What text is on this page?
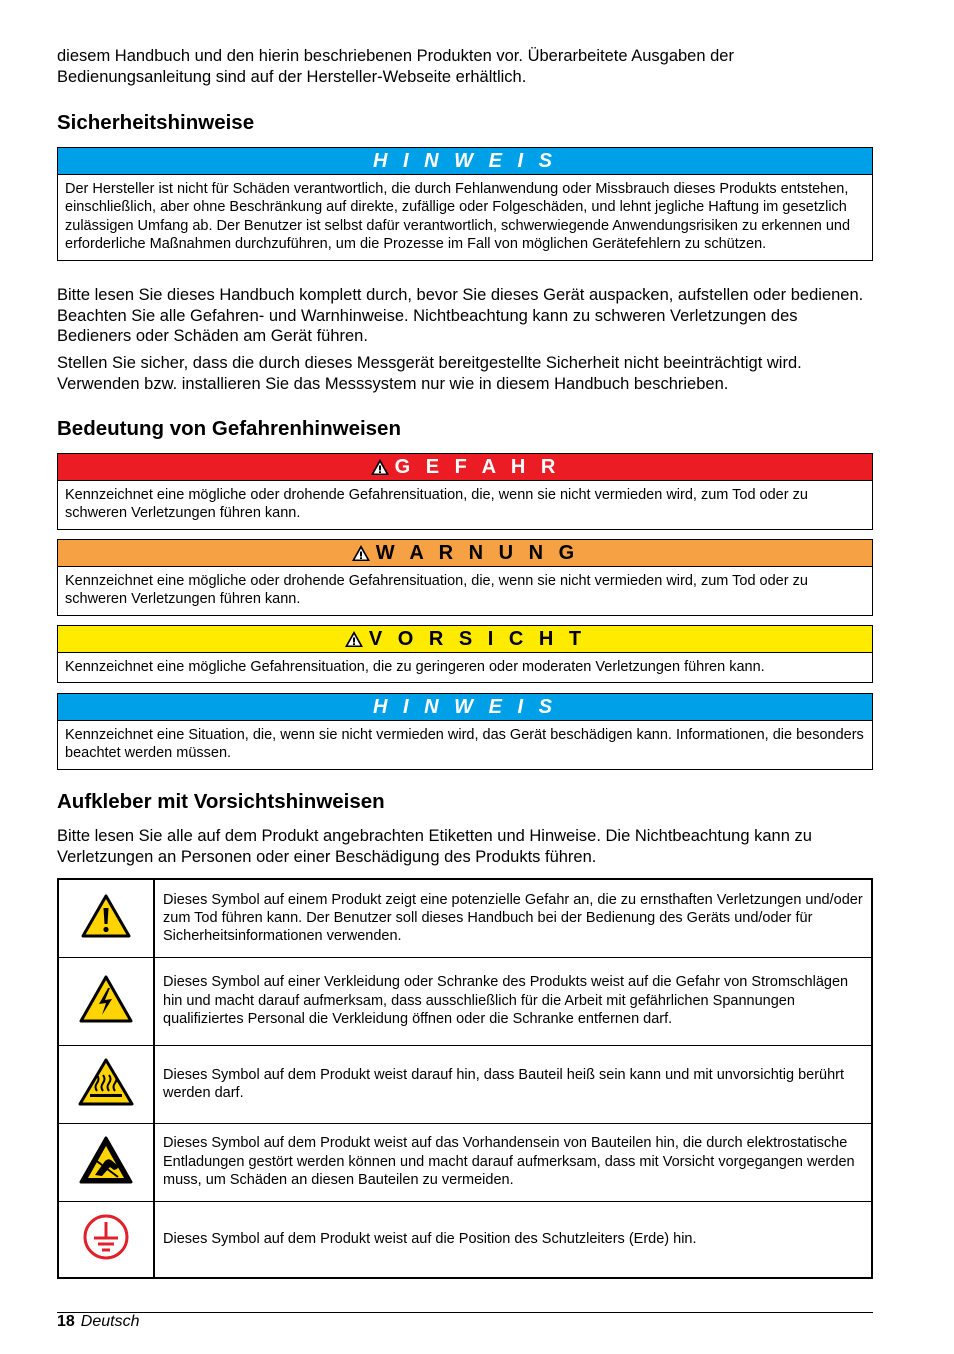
diesem Handbuch und den hierin beschriebenen Produkten vor. Überarbeitete Ausgaben der Bedienungsanleitung sind auf der Hersteller-Webseite erhältlich.

Sicherheitshinweise
H I N W E I S
Der Hersteller ist nicht für Schäden verantwortlich, die durch Fehlanwendung oder Missbrauch dieses Produkts entstehen, einschließlich, aber ohne Beschränkung auf direkte, zufällige oder Folgeschäden, und lehnt jegliche Haftung im gesetzlich zulässigen Umfang ab. Der Benutzer ist selbst dafür verantwortlich, schwerwiegende Anwendungsrisiken zu erkennen und erforderliche Maßnahmen durchzuführen, um die Prozesse im Fall von möglichen Gerätefehlern zu schützen.

Bitte lesen Sie dieses Handbuch komplett durch, bevor Sie dieses Gerät auspacken, aufstellen oder bedienen. Beachten Sie alle Gefahren- und Warnhinweise. Nichtbeachtung kann zu schweren Verletzungen des Bedieners oder Schäden am Gerät führen.

Stellen Sie sicher, dass die durch dieses Messgerät bereitgestellte Sicherheit nicht beeinträchtigt wird. Verwenden bzw. installieren Sie das Messsystem nur wie in diesem Handbuch beschrieben.

Bedeutung von Gefahrenhinweisen
G E F A H R
Kennzeichnet eine mögliche oder drohende Gefahrensituation, die, wenn sie nicht vermieden wird, zum Tod oder zu schweren Verletzungen führen kann.
W A R N U N G
Kennzeichnet eine mögliche oder drohende Gefahrensituation, die, wenn sie nicht vermieden wird, zum Tod oder zu schweren Verletzungen führen kann.
V O R S I C H T
Kennzeichnet eine mögliche Gefahrensituation, die zu geringeren oder moderaten Verletzungen führen kann.
H I N W E I S
Kennzeichnet eine Situation, die, wenn sie nicht vermieden wird, das Gerät beschädigen kann. Informationen, die besonders beachtet werden müssen.
Aufkleber mit Vorsichtshinweisen

Bitte lesen Sie alle auf dem Produkt angebrachten Etiketten und Hinweise. Die Nichtbeachtung kann zu Verletzungen an Personen oder einer Beschädigung des Produkts führen.

	Dieses Symbol auf einem Produkt zeigt eine potenzielle Gefahr an, die zu ernsthaften Verletzungen und/oder zum Tod führen kann. Der Benutzer soll dieses Handbuch bei der Bedienung des Geräts und/oder für Sicherheitsinformationen verwenden.
	Dieses Symbol auf einer Verkleidung oder Schranke des Produkts weist auf die Gefahr von Stromschlägen hin und macht darauf aufmerksam, dass ausschließlich für die Arbeit mit gefährlichen Spannungen qualifiziertes Personal die Verkleidung öffnen oder die Schranke entfernen darf.
	Dieses Symbol auf dem Produkt weist darauf hin, dass Bauteil heiß sein kann und mit unvorsichtig berührt werden darf.
	Dieses Symbol auf dem Produkt weist auf das Vorhandensein von Bauteilen hin, die durch elektrostatische Entladungen gestört werden können und macht darauf aufmerksam, dass mit Vorsicht vorgegangen werden muss, um Schäden an diesen Bauteilen zu vermeiden.
	Dieses Symbol auf dem Produkt weist auf die Position des Schutzleiters (Erde) hin.
18 Deutsch
